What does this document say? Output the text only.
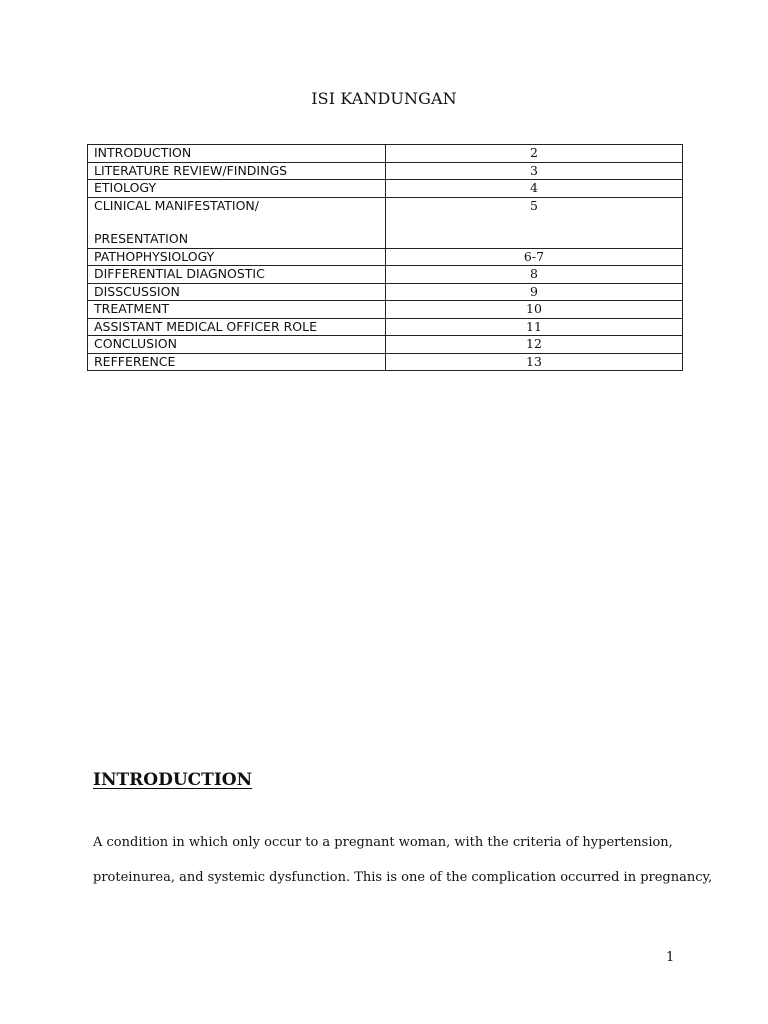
ISI KANDUNGAN
INTRODUCTION	2
LITERATURE REVIEW/FINDINGS	3
ETIOLOGY	4

CLINICAL MANIFESTATION/
PRESENTATION	5
PATHOPHYSIOLOGY	6-7
DIFFERENTIAL DIAGNOSTIC	8
DISSCUSSION	9
TREATMENT	10
ASSISTANT MEDICAL OFFICER ROLE	11
CONCLUSION	12
REFFERENCE	13
INTRODUCTION

A condition in which only occur to a pregnant woman, with the criteria of hypertension,
proteinurea, and systemic dysfunction. This is one of the complication occurred in pregnancy,

1
